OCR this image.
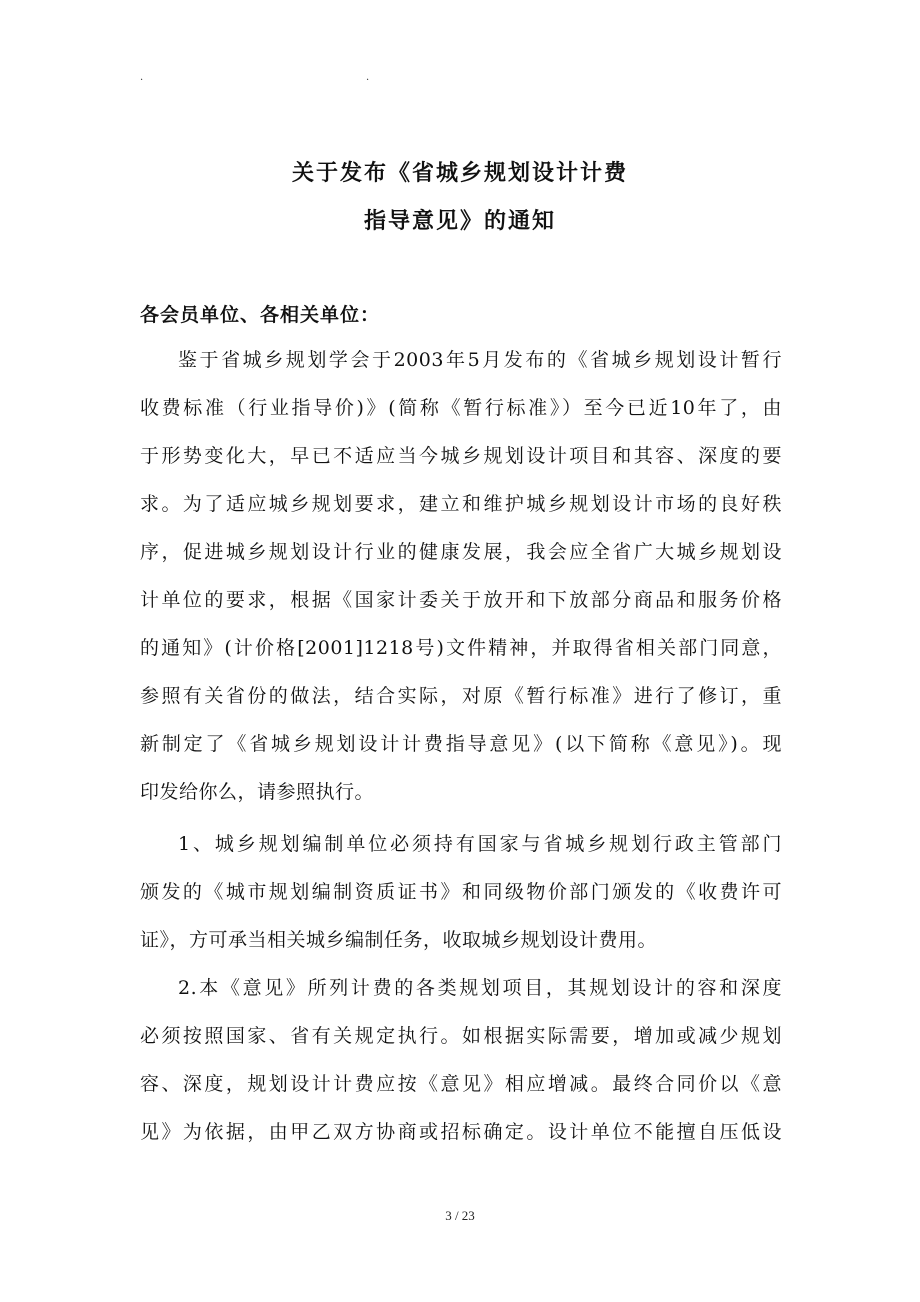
.	.
关于发布《省城乡规划设计计费
指导意见》的通知
各会员单位、各相关单位：
鉴于省城乡规划学会于2003年5月发布的《省城乡规划设计暂行
收费标准（行业指导价)》(简称《暂行标准》）至今已近10年了，由
于形势变化大，早已不适应当今城乡规划设计项目和其容、深度的要
求。为了适应城乡规划要求，建立和维护城乡规划设计市场的良好秩
序，促进城乡规划设计行业的健康发展，我会应全省广大城乡规划设
计单位的要求，根据《国家计委关于放开和下放部分商品和服务价格
的通知》(计价格[2001]1218号)文件精神，并取得省相关部门同意，
参照有关省份的做法，结合实际，对原《暂行标准》进行了修订，重
新制定了《省城乡规划设计计费指导意见》(以下简称《意见》)。现
印发给你么，请参照执行。
1、城乡规划编制单位必须持有国家与省城乡规划行政主管部门
颁发的《城市规划编制资质证书》和同级物价部门颁发的《收费许可
证》，方可承当相关城乡编制任务，收取城乡规划设计费用。
2.本《意见》所列计费的各类规划项目，其规划设计的容和深度
必须按照国家、省有关规定执行。如根据实际需要，增加或减少规划
容、深度，规划设计计费应按《意见》相应增减。最终合同价以《意
见》为依据，由甲乙双方协商或招标确定。设计单位不能擅自压低设
3 / 23
